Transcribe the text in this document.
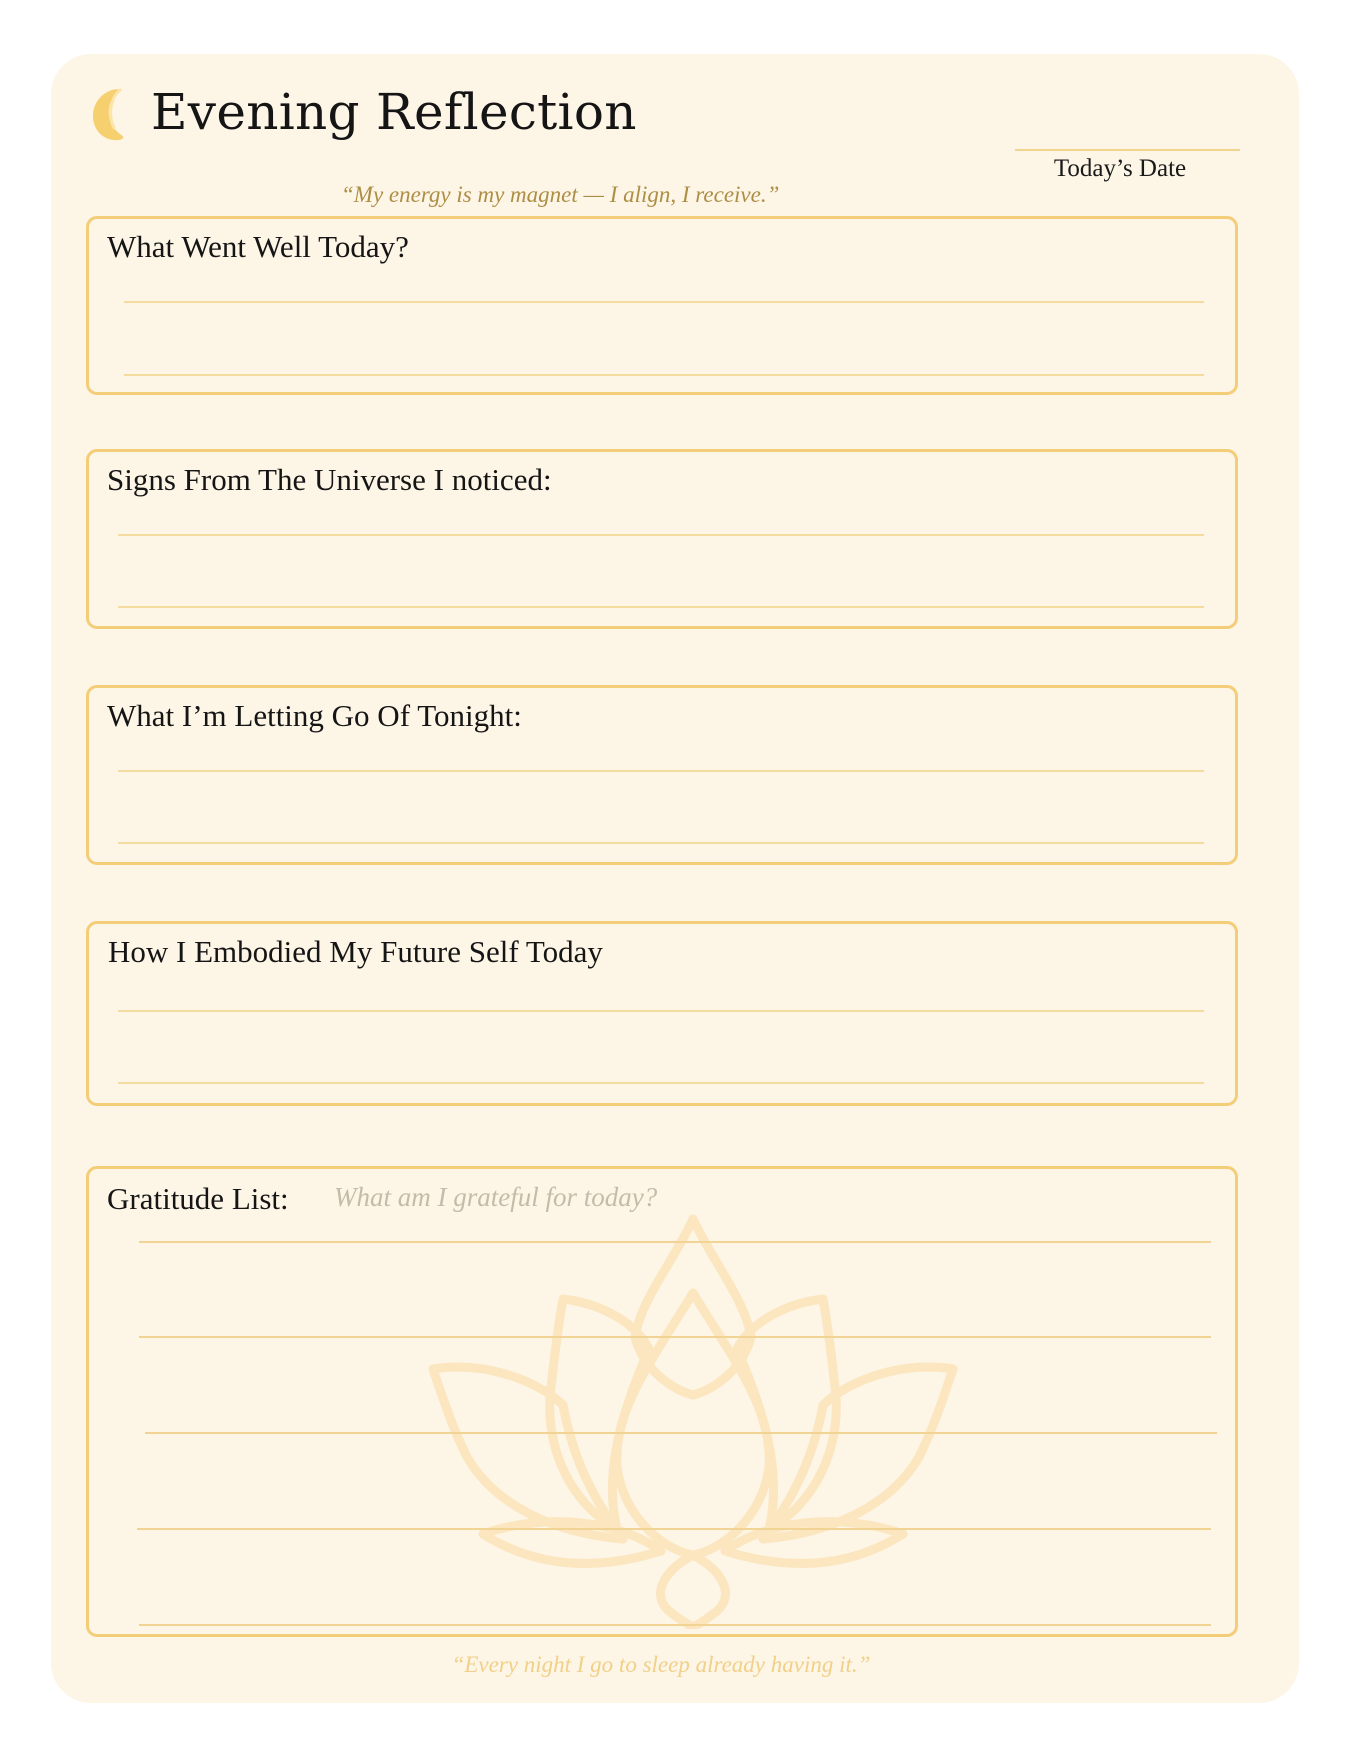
Evening Reflection
Today’s Date
“My energy is my magnet — I align, I receive.”
What Went Well Today?
Signs From The Universe I noticed:
What I’m Letting Go Of Tonight:
How I Embodied My Future Self Today
Gratitude List: What am I grateful for today?
“Every night I go to sleep already having it.”
